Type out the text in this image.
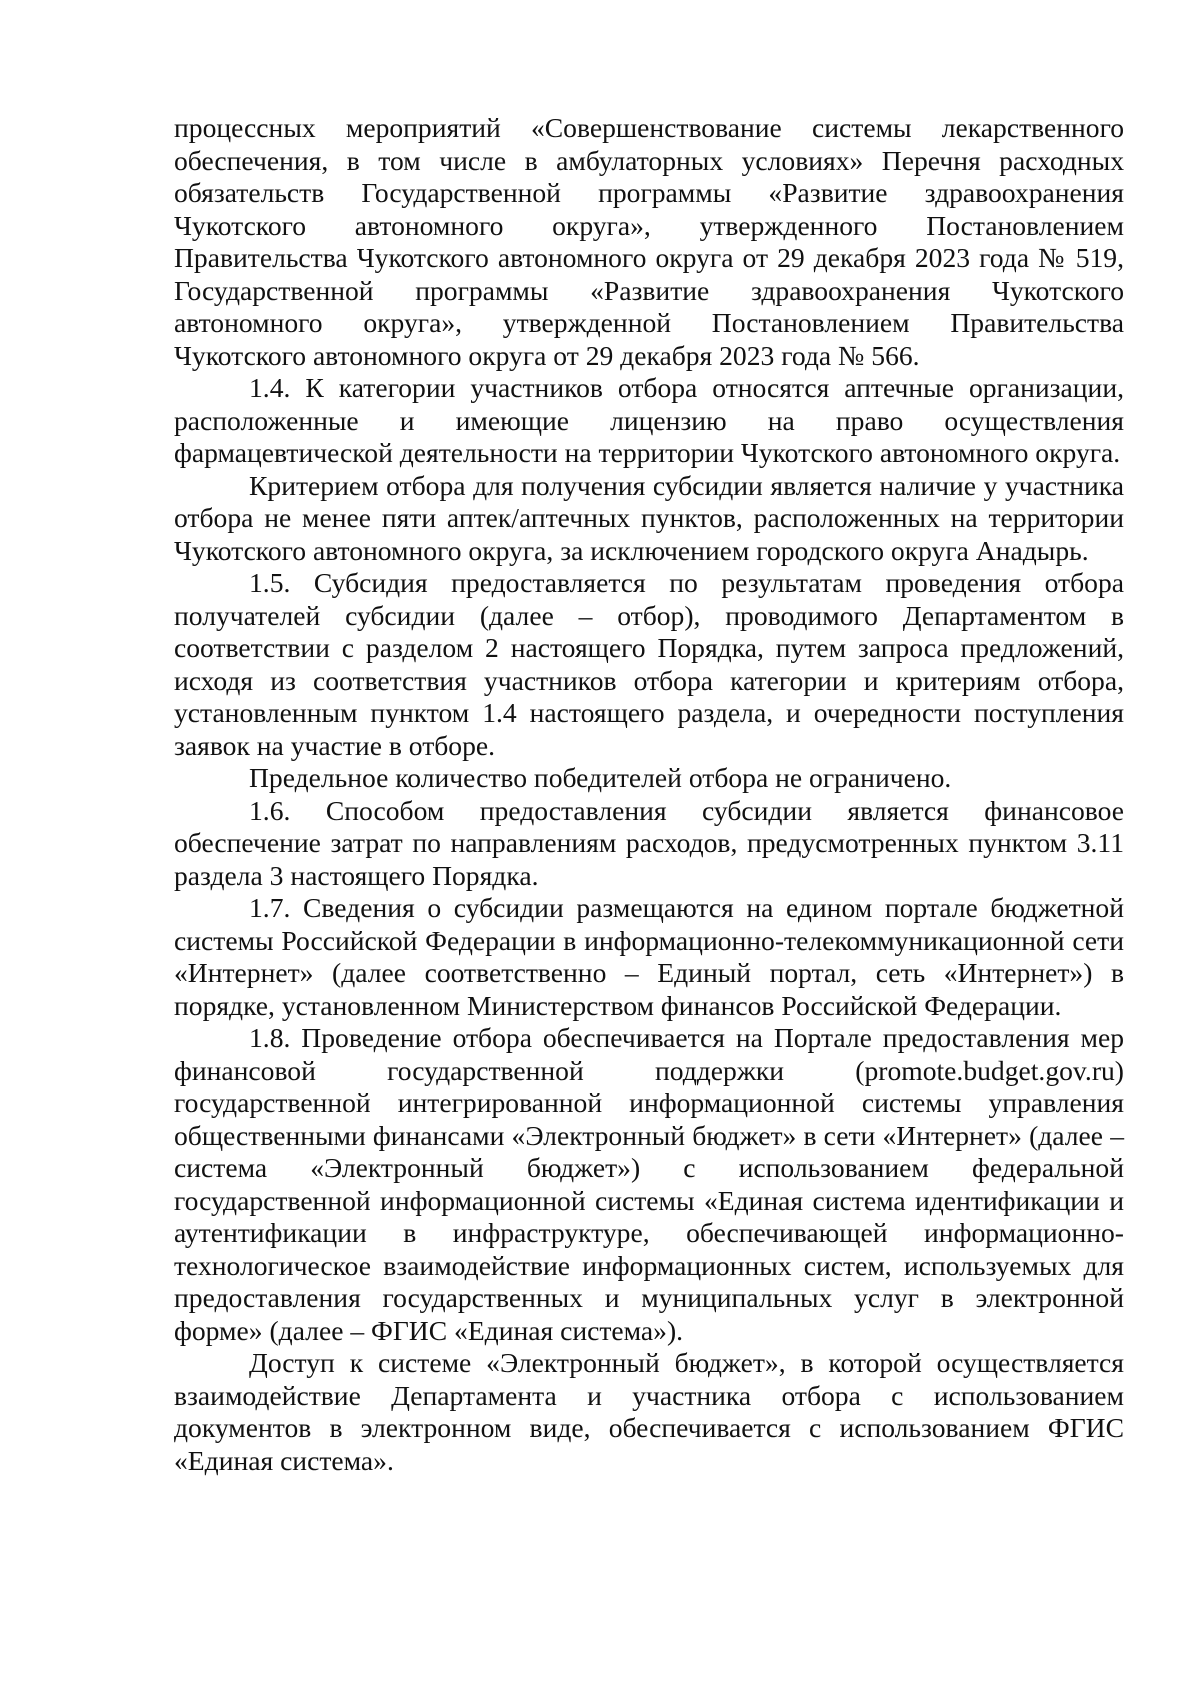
процессных мероприятий «Совершенствование системы лекарственного обеспечения, в том числе в амбулаторных условиях» Перечня расходных обязательств Государственной программы «Развитие здравоохранения Чукотского автономного округа», утвержденного Постановлением Правительства Чукотского автономного округа от 29 декабря 2023 года № 519, Государственной программы «Развитие здравоохранения Чукотского автономного округа», утвержденной Постановлением Правительства Чукотского автономного округа от 29 декабря 2023 года № 566.

1.4. К категории участников отбора относятся аптечные организации, расположенные и имеющие лицензию на право осуществления фармацевтической деятельности на территории Чукотского автономного округа.

Критерием отбора для получения субсидии является наличие у участника отбора не менее пяти аптек/аптечных пунктов, расположенных на территории Чукотского автономного округа, за исключением городского округа Анадырь.

1.5. Субсидия предоставляется по результатам проведения отбора получателей субсидии (далее – отбор), проводимого Департаментом в соответствии с разделом 2 настоящего Порядка, путем запроса предложений, исходя из соответствия участников отбора категории и критериям отбора, установленным пунктом 1.4 настоящего раздела, и очередности поступления заявок на участие в отборе.

Предельное количество победителей отбора не ограничено.

1.6. Способом предоставления субсидии является финансовое обеспечение затрат по направлениям расходов, предусмотренных пунктом 3.11 раздела 3 настоящего Порядка.

1.7. Сведения о субсидии размещаются на едином портале бюджетной системы Российской Федерации в информационно-телекоммуникационной сети «Интернет» (далее соответственно – Единый портал, сеть «Интернет») в порядке, установленном Министерством финансов Российской Федерации.

1.8. Проведение отбора обеспечивается на Портале предоставления мер финансовой государственной поддержки (promote.budget.gov.ru) государственной интегрированной информационной системы управления общественными финансами «Электронный бюджет» в сети «Интернет» (далее – система «Электронный бюджет») с использованием федеральной государственной информационной системы «Единая система идентификации и аутентификации в инфраструктуре, обеспечивающей информационно-технологическое взаимодействие информационных систем, используемых для предоставления государственных и муниципальных услуг в электронной форме» (далее – ФГИС «Единая система»).

Доступ к системе «Электронный бюджет», в которой осуществляется взаимодействие Департамента и участника отбора с использованием документов в электронном виде, обеспечивается с использованием ФГИС «Единая система».
